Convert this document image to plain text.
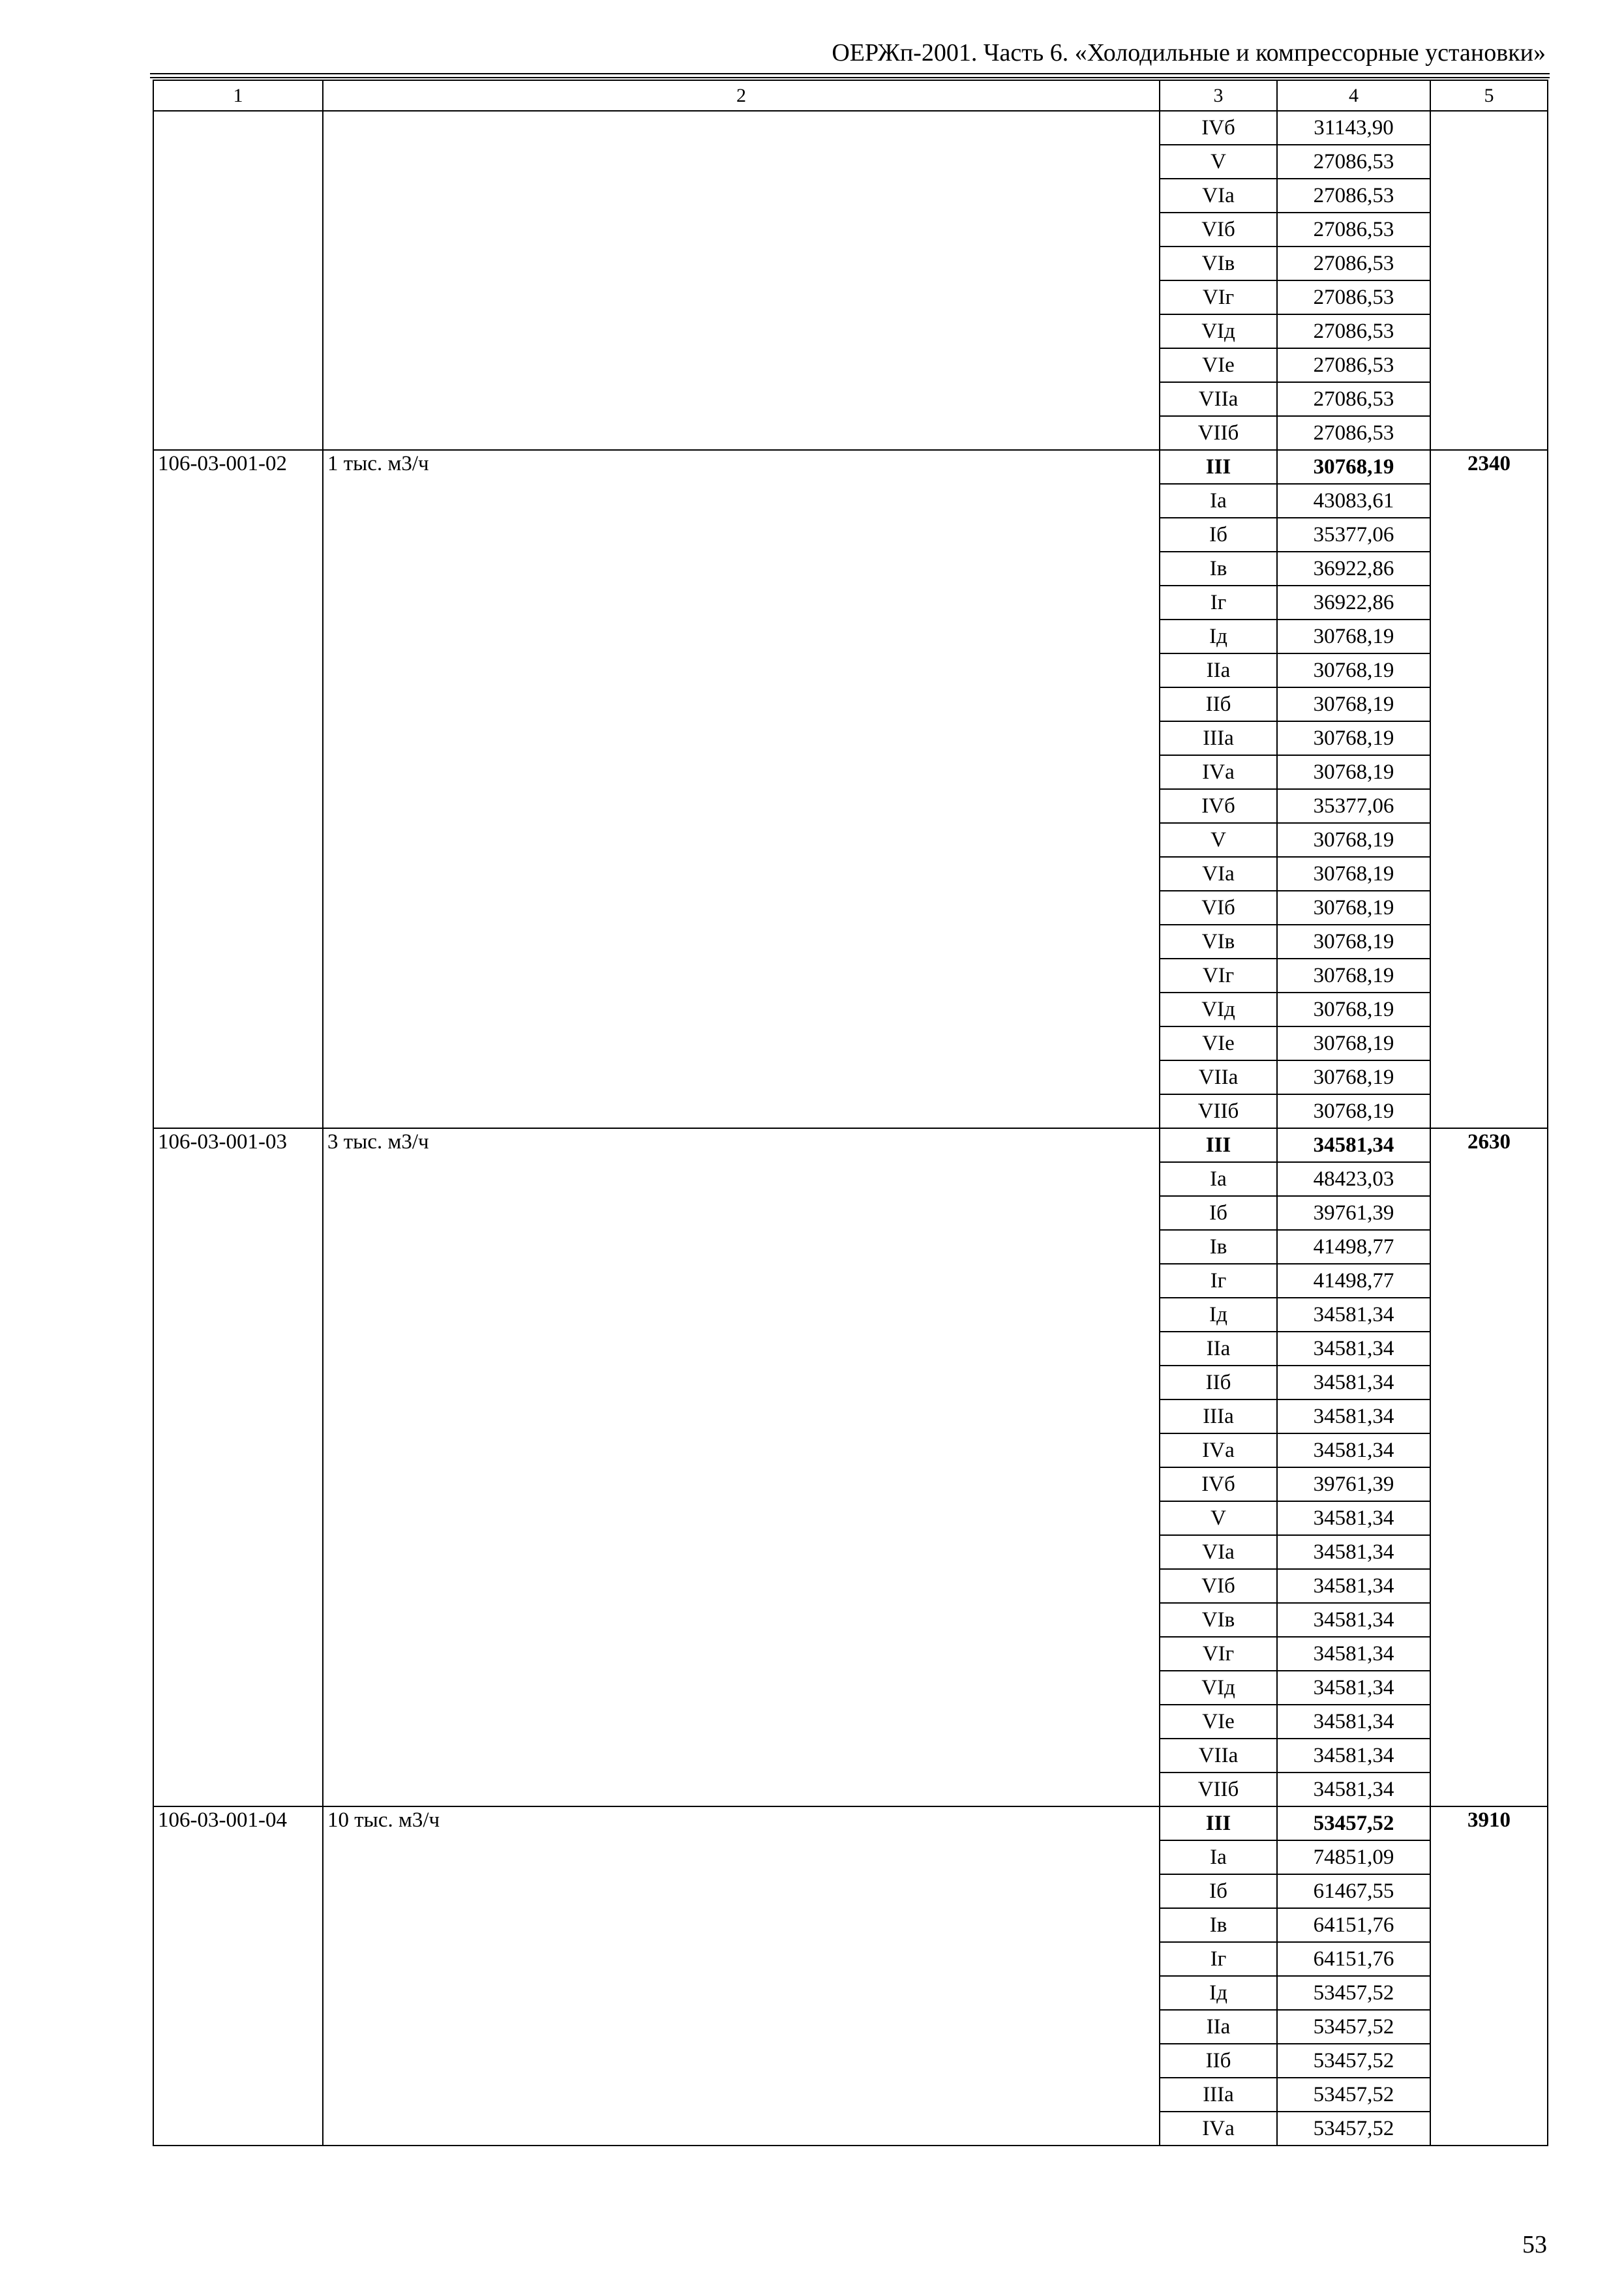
ОЕРЖп-2001. Часть 6. «Холодильные и компрессорные установки»
1	2	3	4	5
		IVб	31143,90	
		V	27086,53	
		VIа	27086,53	
		VIб	27086,53	
		VIв	27086,53	
		VIг	27086,53	
		VIд	27086,53	
		VIе	27086,53	
		VIIа	27086,53	
		VIIб	27086,53	
106-03-001-02	1 тыс. м3/ч	III	30768,19	2340
		Iа	43083,61	
		Iб	35377,06	
		Iв	36922,86	
		Iг	36922,86	
		Iд	30768,19	
		IIа	30768,19	
		IIб	30768,19	
		IIIа	30768,19	
		IVа	30768,19	
		IVб	35377,06	
		V	30768,19	
		VIа	30768,19	
		VIб	30768,19	
		VIв	30768,19	
		VIг	30768,19	
		VIд	30768,19	
		VIе	30768,19	
		VIIа	30768,19	
		VIIб	30768,19	
106-03-001-03	3 тыс. м3/ч	III	34581,34	2630
		Iа	48423,03	
		Iб	39761,39	
		Iв	41498,77	
		Iг	41498,77	
		Iд	34581,34	
		IIа	34581,34	
		IIб	34581,34	
		IIIа	34581,34	
		IVа	34581,34	
		IVб	39761,39	
		V	34581,34	
		VIа	34581,34	
		VIб	34581,34	
		VIв	34581,34	
		VIг	34581,34	
		VIд	34581,34	
		VIе	34581,34	
		VIIа	34581,34	
		VIIб	34581,34	
106-03-001-04	10 тыс. м3/ч	III	53457,52	3910
		Iа	74851,09	
		Iб	61467,55	
		Iв	64151,76	
		Iг	64151,76	
		Iд	53457,52	
		IIа	53457,52	
		IIб	53457,52	
		IIIа	53457,52	
		IVа	53457,52	
53
